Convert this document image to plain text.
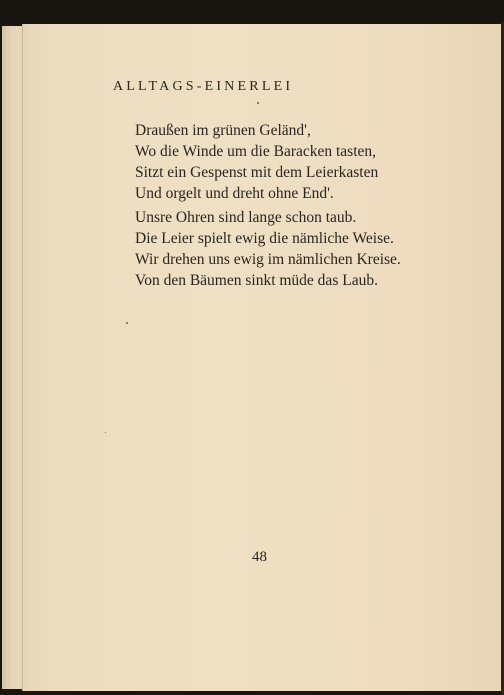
ALLTAGS-EINERLEI
Draußen im grünen Geländ',
Wo die Winde um die Baracken tasten,
Sitzt ein Gespenst mit dem Leierkasten
Und orgelt und dreht ohne End'.
Unsre Ohren sind lange schon taub.
Die Leier spielt ewig die nämliche Weise.
Wir drehen uns ewig im nämlichen Kreise.
Von den Bäumen sinkt müde das Laub.

48
